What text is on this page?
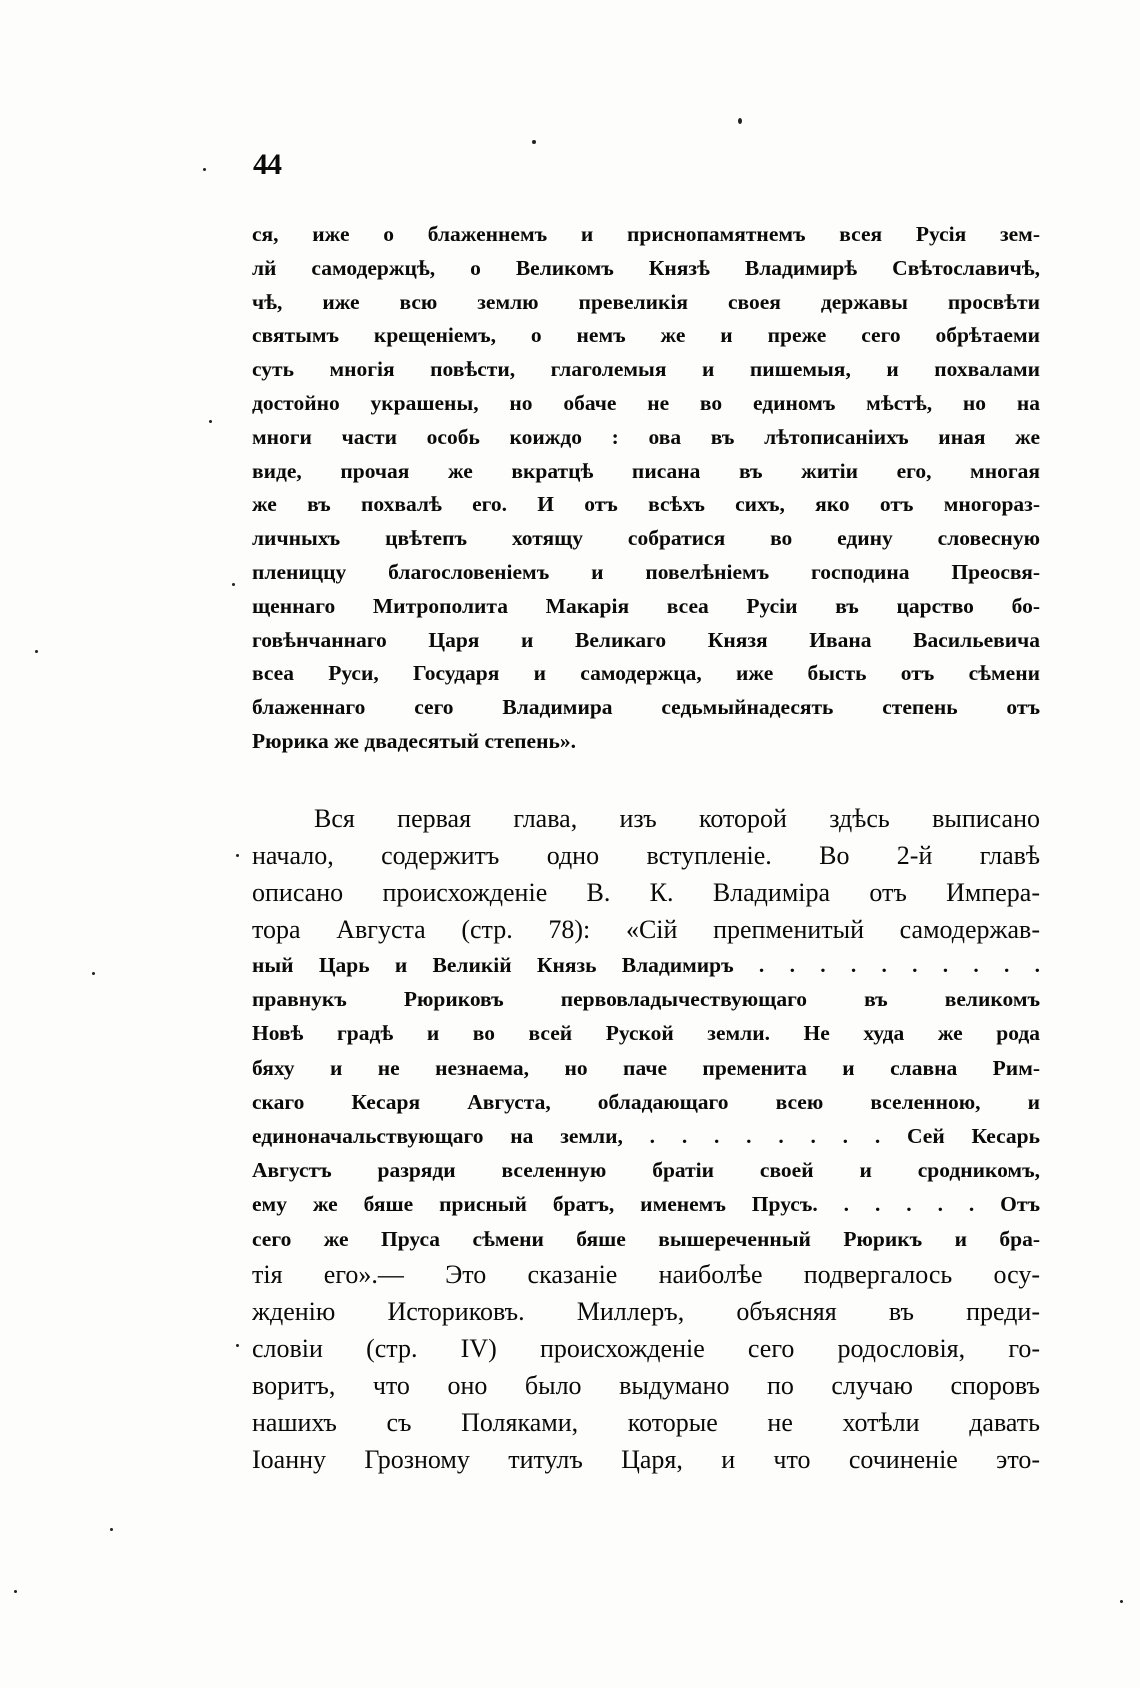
44
ся, иже о блаженнемъ и приснопамятнемъ всея Русiя зем-
лй самодержцѣ, о Великомъ Князѣ Владимирѣ Свѣтославичѣ,
чѣ, иже всю землю превеликiя своея державы просвѣти
святымъ крещенiемъ, о немъ же и преже сего обрѣтаеми
суть многiя повѣсти, глаголемыя и пишемыя, и похвалами
достойно украшены, но обаче не во единомъ мѣстѣ, но на
многи части особь коиждо : ова въ лѣтописанiихъ иная же
виде, прочая же вкратцѣ писана въ житiи его, многая
же въ похвалѣ его. И отъ всѣхъ сихъ, яко отъ многораз-
личныхъ цвѣтепъ хотящу собратися во едину словесную
плениццу благословенiемъ и повелѣнiемъ господина Преосвя-
щеннаго Митрополита Макарiя всеа Русiи въ царство бо-
говѣнчаннаго Царя и Великаго Князя Ивана Васильевича
всеа Руси, Государя и самодержца, иже бысть отъ сѣмени
блаженнаго сего Владимира седьмыйнадесять степень отъ
Рюрика же двадесятый степень».
Вся первая глава, изъ которой здѣсь выписано
начало, содержитъ одно вступленiе. Во 2-й главѣ
описано происхожденiе В. К. Владимiра отъ Импера-
тора Августа (стр. 78): «Сiй препменитый самодержав-
ный Царь и Великiй Князь Владимиръ . . . . . . . . . .
правнукъ Рюриковъ первовладычествующаго въ великомъ
Новѣ градѣ и во всей Руской земли. Не худа же рода
бяху и не незнаема, но паче пременита и славна Рим-
скаго Кесаря Августа, обладающаго всею вселенною, и
единоначальствующаго на земли, . . . . . . . . Сей Кесарь
Августъ разряди вселенную братiи своей и сродникомъ,
ему же бяше присный братъ, именемъ Прусъ. . . . . . Отъ
сего же Пруса сѣмени бяше вышереченный Рюрикъ и бра-
тiя его».— Это сказанiе наиболѣе подвергалось осу-
жденiю Историковъ. Миллеръ, объясняя въ преди-
словiи (стр. IV) происхожденiе сего родословiя, го-
воритъ, что оно было выдумано по случаю споровъ
нашихъ съ Поляками, которые не хотѣли давать
Iоанну Грозному титулъ Царя, и что сочиненiе это-
